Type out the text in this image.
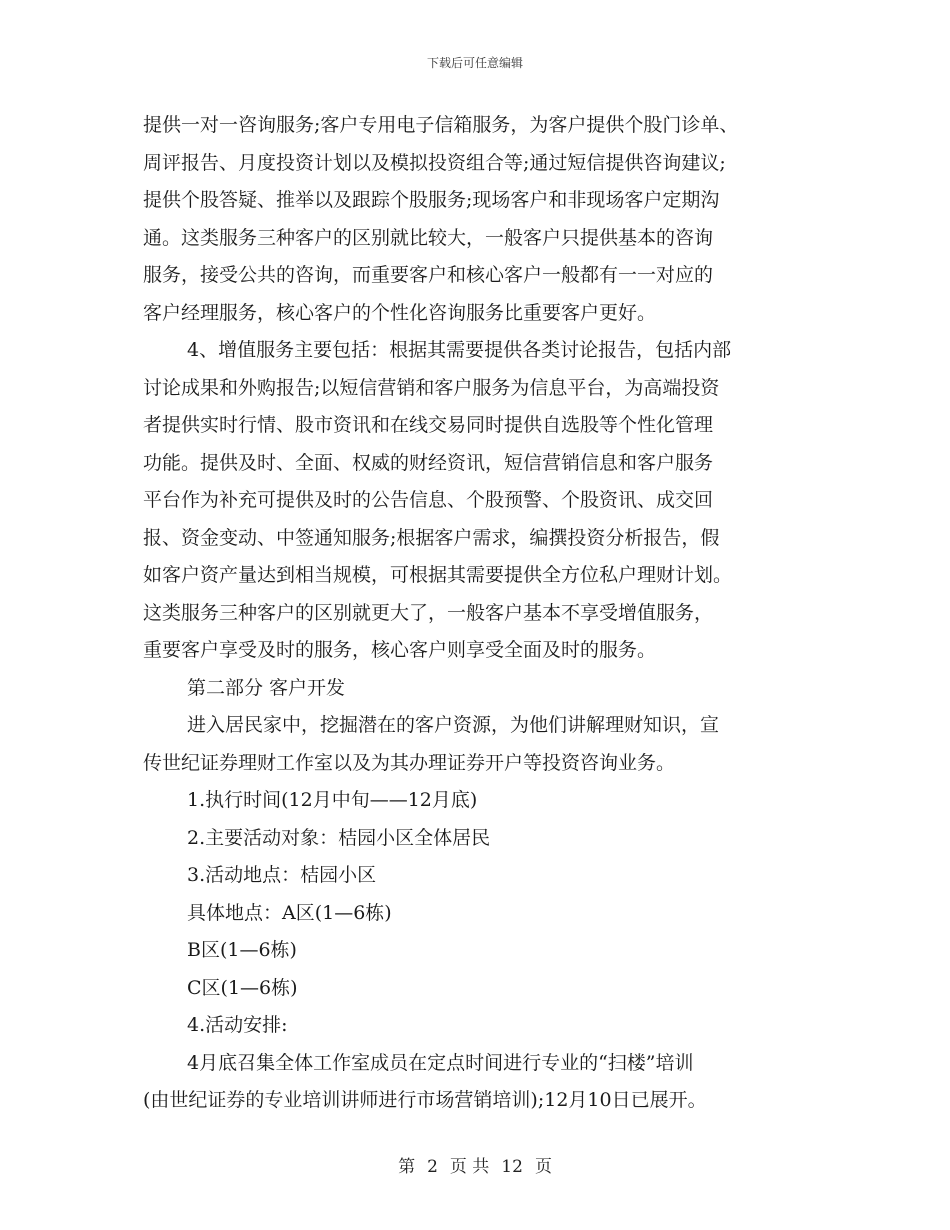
下载后可任意编辑
提供一对一咨询服务;客户专用电子信箱服务，为客户提供个股门诊单、
周评报告、月度投资计划以及模拟投资组合等;通过短信提供咨询建议;
提供个股答疑、推举以及跟踪个股服务;现场客户和非现场客户定期沟
通。这类服务三种客户的区别就比较大，一般客户只提供基本的咨询
服务，接受公共的咨询，而重要客户和核心客户一般都有一一对应的
客户经理服务，核心客户的个性化咨询服务比重要客户更好。
4、增值服务主要包括：根据其需要提供各类讨论报告，包括内部
讨论成果和外购报告;以短信营销和客户服务为信息平台，为高端投资
者提供实时行情、股市资讯和在线交易同时提供自选股等个性化管理
功能。提供及时、全面、权威的财经资讯，短信营销信息和客户服务
平台作为补充可提供及时的公告信息、个股预警、个股资讯、成交回
报、资金变动、中签通知服务;根据客户需求，编撰投资分析报告，假
如客户资产量达到相当规模，可根据其需要提供全方位私户理财计划。
这类服务三种客户的区别就更大了，一般客户基本不享受增值服务，
重要客户享受及时的服务，核心客户则享受全面及时的服务。
第二部分 客户开发
进入居民家中，挖掘潜在的客户资源，为他们讲解理财知识，宣
传世纪证券理财工作室以及为其办理证券开户等投资咨询业务。
1.执行时间(12月中旬——12月底)
2.主要活动对象：桔园小区全体居民
3.活动地点：桔园小区
具体地点：A区(1—6栋)
B区(1—6栋)
C区(1—6栋)
4.活动安排:
4月底召集全体工作室成员在定点时间进行专业的“扫楼”培训
(由世纪证券的专业培训讲师进行市场营销培训);12月10日已展开。
第 2 页 共 12 页
